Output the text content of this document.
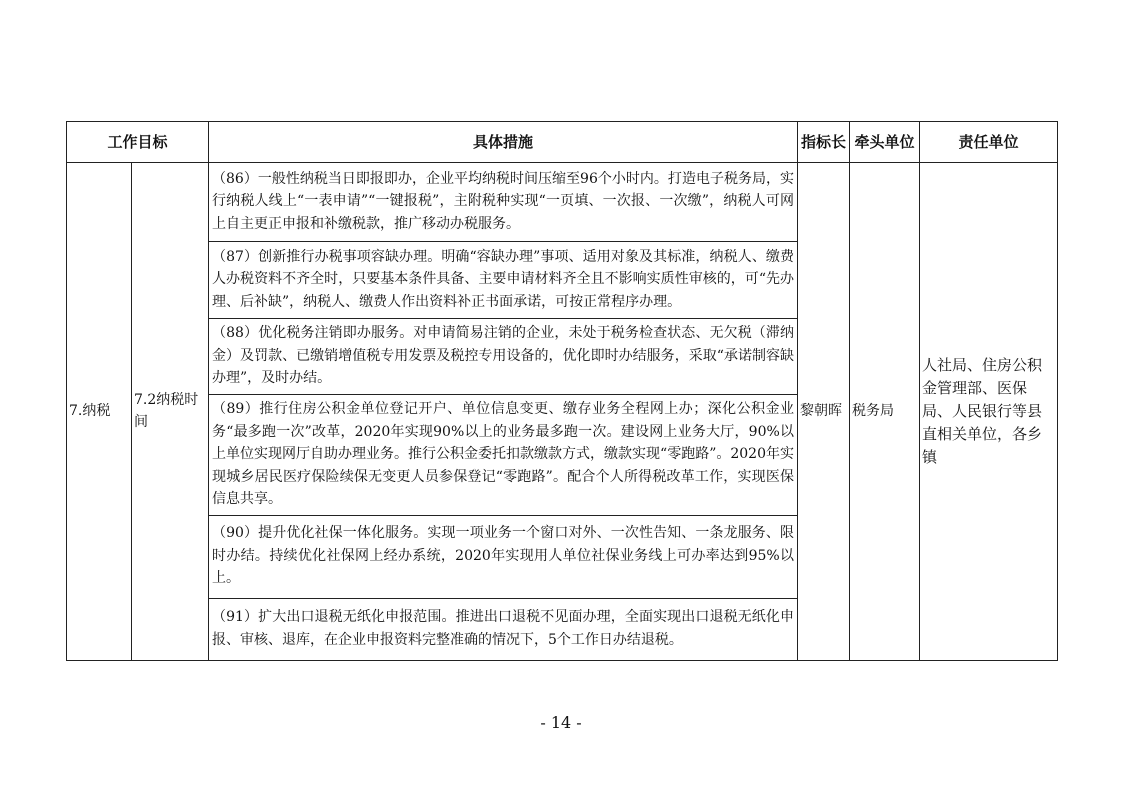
工作目标		具体措施	指标长	牵头单位	责任单位
7.纳税	7.2纳税时间	（86）一般性纳税当日即报即办，企业平均纳税时间压缩至96个小时内。打造电子税务局，实行纳税人线上“一表申请”“一键报税”，主附税种实现“一页填、一次报、一次缴”，纳税人可网上自主更正申报和补缴税款，推广移动办税服务。	黎朝晖	税务局	人社局、住房公积金管理部、医保局、人民银行等县直相关单位，各乡镇
		（87）创新推行办税事项容缺办理。明确“容缺办理”事项、适用对象及其标准，纳税人、缴费人办税资料不齐全时，只要基本条件具备、主要申请材料齐全且不影响实质性审核的，可“先办理、后补缺”，纳税人、缴费人作出资料补正书面承诺，可按正常程序办理。			
		（88）优化税务注销即办服务。对申请简易注销的企业，未处于税务检查状态、无欠税（滞纳金）及罚款、已缴销增值税专用发票及税控专用设备的，优化即时办结服务，采取“承诺制容缺办理”，及时办结。			
		（89）推行住房公积金单位登记开户、单位信息变更、缴存业务全程网上办；深化公积金业务“最多跑一次”改革，2020年实现90%以上的业务最多跑一次。建设网上业务大厅，90%以上单位实现网厅自助办理业务。推行公积金委托扣款缴款方式，缴款实现“零跑路”。2020年实现城乡居民医疗保险续保无变更人员参保登记“零跑路”。配合个人所得税改革工作，实现医保信息共享。			
		（90）提升优化社保一体化服务。实现一项业务一个窗口对外、一次性告知、一条龙服务、限时办结。持续优化社保网上经办系统，2020年实现用人单位社保业务线上可办率达到95%以上。			
		（91）扩大出口退税无纸化申报范围。推进出口退税不见面办理，全面实现出口退税无纸化申报、审核、退库，在企业申报资料完整准确的情况下，5个工作日办结退税。			
- 14 -
